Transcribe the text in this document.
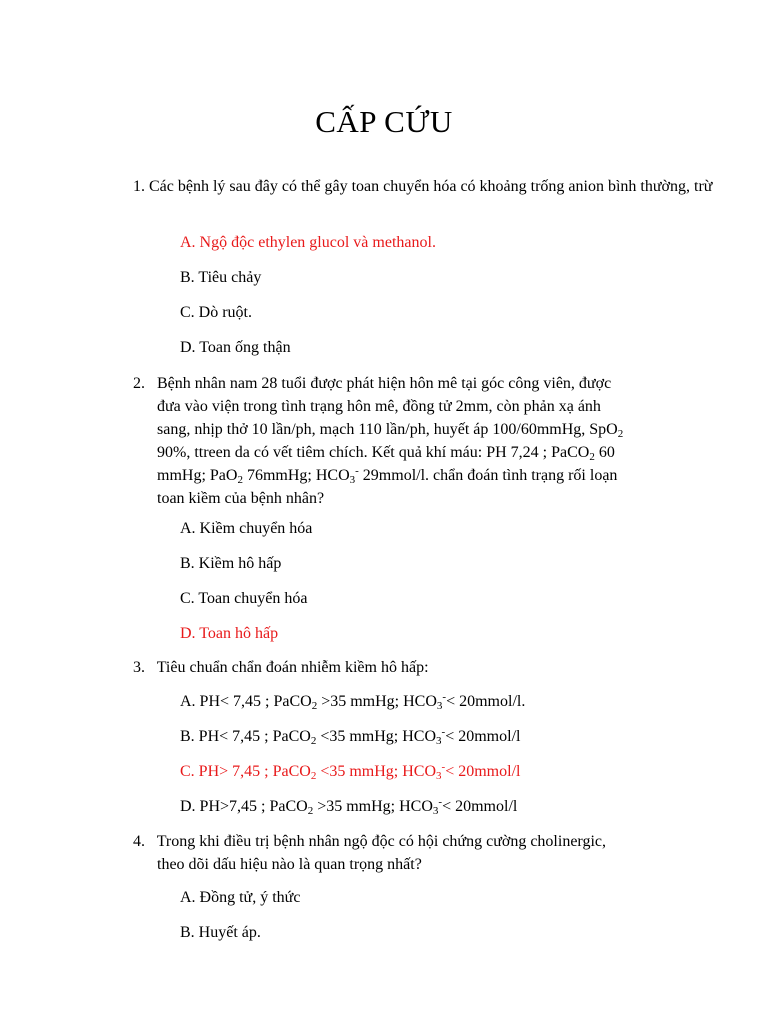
CẤP CỨU
1. Các bệnh lý sau đây có thể gây toan chuyển hóa có khoảng trống anion bình thường, trừ
A. Ngộ độc ethylen glucol và methanol.
B. Tiêu chảy
C. Dò ruột.
D. Toan ống thận
2. Bệnh nhân nam 28 tuổi được phát hiện hôn mê tại góc công viên, được
đưa vào viện trong tình trạng hôn mê, đồng tử 2mm, còn phản xạ ánh
sang, nhịp thở 10 lần/ph, mạch 110 lần/ph, huyết áp 100/60mmHg, SpO$_2$
90%, ttreen da có vết tiêm chích. Kết quả khí máu: PH 7,24 ; PaCO$_2$ 60
mmHg; PaO$_2$ 76mmHg; $HCO_3^-$ 29mmol/l. chẩn đoán tình trạng rối loạn
toan kiềm của bệnh nhân?
A. Kiềm chuyển hóa
B. Kiềm hô hấp
C. Toan chuyển hóa
D. Toan hô hấp
3.   Tiêu chuẩn chẩn đoán nhiễm kiềm hô hấp:
A. PH< 7,45 ; PaCO$_2$ >35 mmHg; $HCO_3^-<$ 20mmol/l.
B. PH< 7,45 ; PaCO$_2$ <35 mmHg; $HCO_3^-<$ 20mmol/l
C. PH> 7,45 ; PaCO$_2$ <35 mmHg; $HCO_3^-<$ 20mmol/l
D. PH>7,45 ; PaCO$_2$ >35 mmHg; $HCO_3^-<$ 20mmol/l
4.   Trong khi điều trị bệnh nhân ngộ độc có hội chứng cường cholinergic,
theo dõi dấu hiệu nào là quan trọng nhất?
A. Đồng tử, ý thức
B. Huyết áp.
